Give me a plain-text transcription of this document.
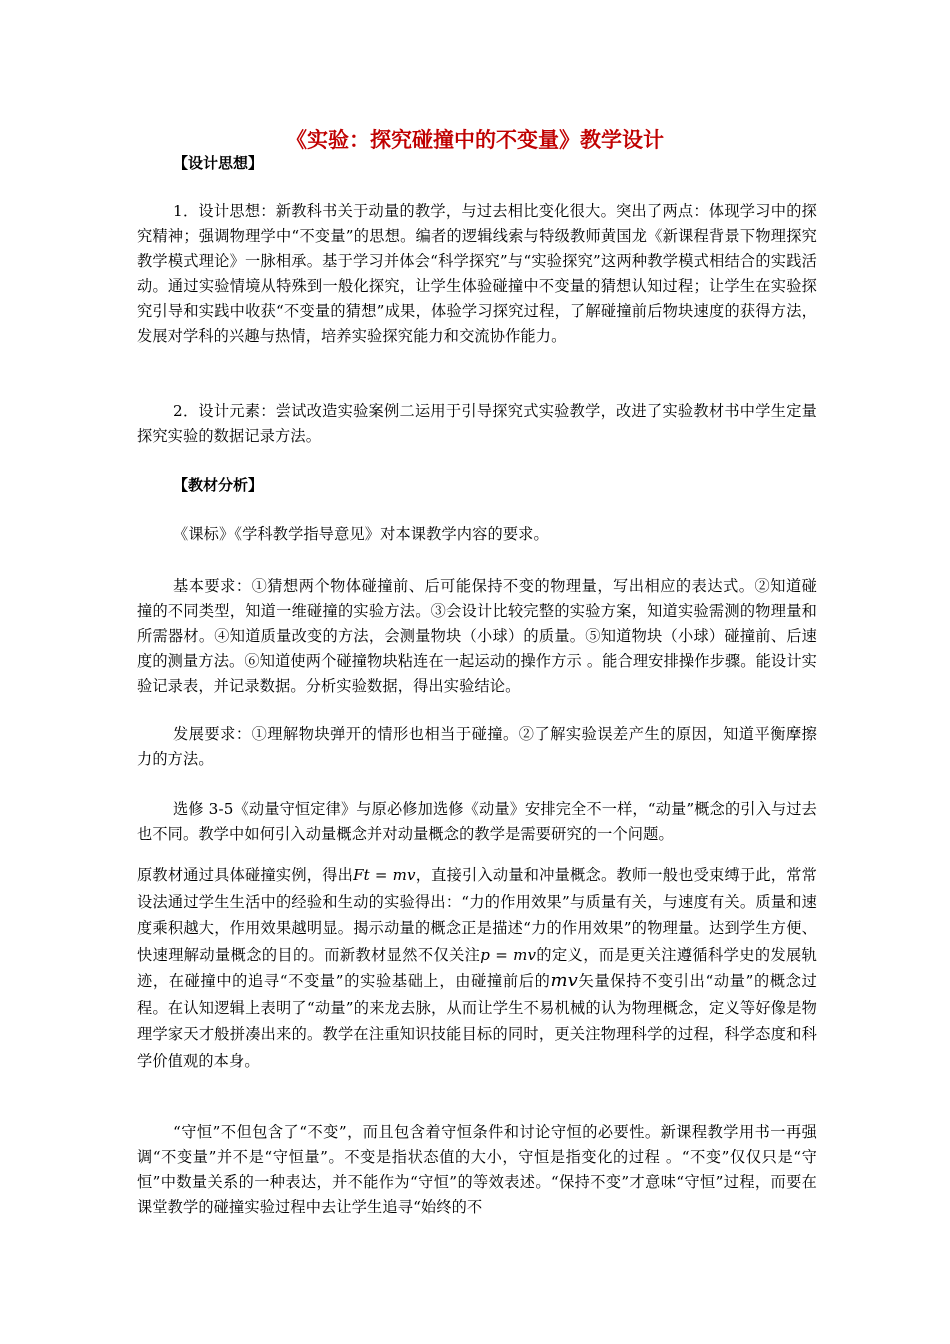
《实验：探究碰撞中的不变量》教学设计
【设计思想】

1．设计思想：新教科书关于动量的教学，与过去相比变化很大。突出了两点：体现学习中的探究精神；强调物理学中“不变量”的思想。编者的逻辑线索与特级教师黄国龙《新课程背景下物理探究教学模式理论》一脉相承。基于学习并体会“科学探究”与“实验探究”这两种教学模式相结合的实践活动。通过实验情境从特殊到一般化探究，让学生体验碰撞中不变量的猜想认知过程；让学生在实验探究引导和实践中收获“不变量的猜想”成果，体验学习探究过程，了解碰撞前后物块速度的获得方法，发展对学科的兴趣与热情，培养实验探究能力和交流协作能力。

2．设计元素：尝试改造实验案例二运用于引导探究式实验教学，改进了实验教材书中学生定量探究实验的数据记录方法。

【教材分析】

《课标》《学科教学指导意见》对本课教学内容的要求。

基本要求：①猜想两个物体碰撞前、后可能保持不变的物理量，写出相应的表达式。②知道碰撞的不同类型，知道一维碰撞的实验方法。③会设计比较完整的实验方案，知道实验需测的物理量和所需器材。④知道质量改变的方法，会测量物块（小球）的质量。⑤知道物块（小球）碰撞前、后速度的测量方法。⑥知道使两个碰撞物块粘连在一起运动的操作方示 。能合理安排操作步骤。能设计实验记录表，并记录数据。分析实验数据，得出实验结论。

发展要求：①理解物块弹开的情形也相当于碰撞。②了解实验误差产生的原因，知道平衡摩擦力的方法。

选修 3-5《动量守恒定律》与原必修加选修《动量》安排完全不一样，“动量”概念的引入与过去也不同。教学中如何引入动量概念并对动量概念的教学是需要研究的一个问题。

原教材通过具体碰撞实例，得出Ft = mv，直接引入动量和冲量概念。教师一般也受束缚于此，常常设法通过学生生活中的经验和生动的实验得出：“力的作用效果”与质量有关，与速度有关。质量和速度乘积越大，作用效果越明显。揭示动量的概念正是描述“力的作用效果”的物理量。达到学生方便、快速理解动量概念的目的。而新教材显然不仅关注p = mv的定义，而是更关注遵循科学史的发展轨迹，在碰撞中的追寻“不变量”的实验基础上，由碰撞前后的mv矢量保持不变引出“动量”的概念过程。在认知逻辑上表明了“动量”的来龙去脉，从而让学生不易机械的认为物理概念，定义等好像是物理学家天才般拼凑出来的。教学在注重知识技能目标的同时，更关注物理科学的过程，科学态度和科学价值观的本身。

“守恒”不但包含了“不变”，而且包含着守恒条件和讨论守恒的必要性。新课程教学用书一再强调“不变量”并不是“守恒量”。不变是指状态值的大小，守恒是指变化的过程 。“不变”仅仅只是“守恒”中数量关系的一种表达，并不能作为“守恒”的等效表述。“保持不变”才意味“守恒”过程，而要在课堂教学的碰撞实验过程中去让学生追寻“始终的不
